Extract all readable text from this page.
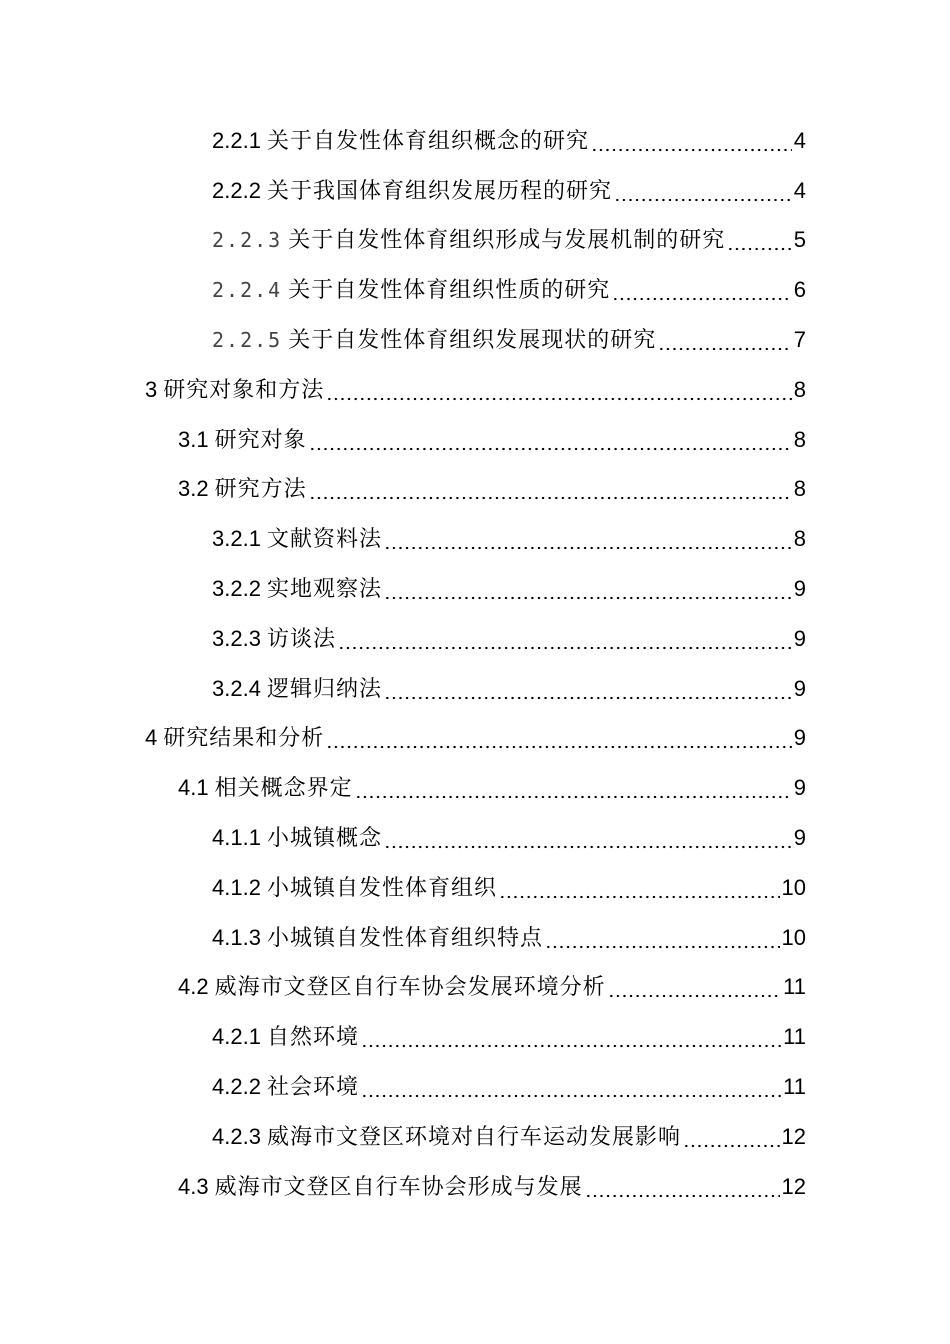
2.2.1 关于自发性体育组织概念的研究	4
2.2.2 关于我国体育组织发展历程的研究	4
2.2.3 关于自发性体育组织形成与发展机制的研究	5
2.2.4 关于自发性体育组织性质的研究	6
2.2.5 关于自发性体育组织发展现状的研究	7
3 研究对象和方法	8
3.1 研究对象	8
3.2 研究方法	8
3.2.1 文献资料法	8
3.2.2 实地观察法	9
3.2.3 访谈法	9
3.2.4 逻辑归纳法	9
4 研究结果和分析	9
4.1 相关概念界定	9
4.1.1 小城镇概念	9
4.1.2 小城镇自发性体育组织	10
4.1.3 小城镇自发性体育组织特点	10
4.2 威海市文登区自行车协会发展环境分析	11
4.2.1 自然环境	11
4.2.2 社会环境	11
4.2.3 威海市文登区环境对自行车运动发展影响	12
4.3 威海市文登区自行车协会形成与发展	12
